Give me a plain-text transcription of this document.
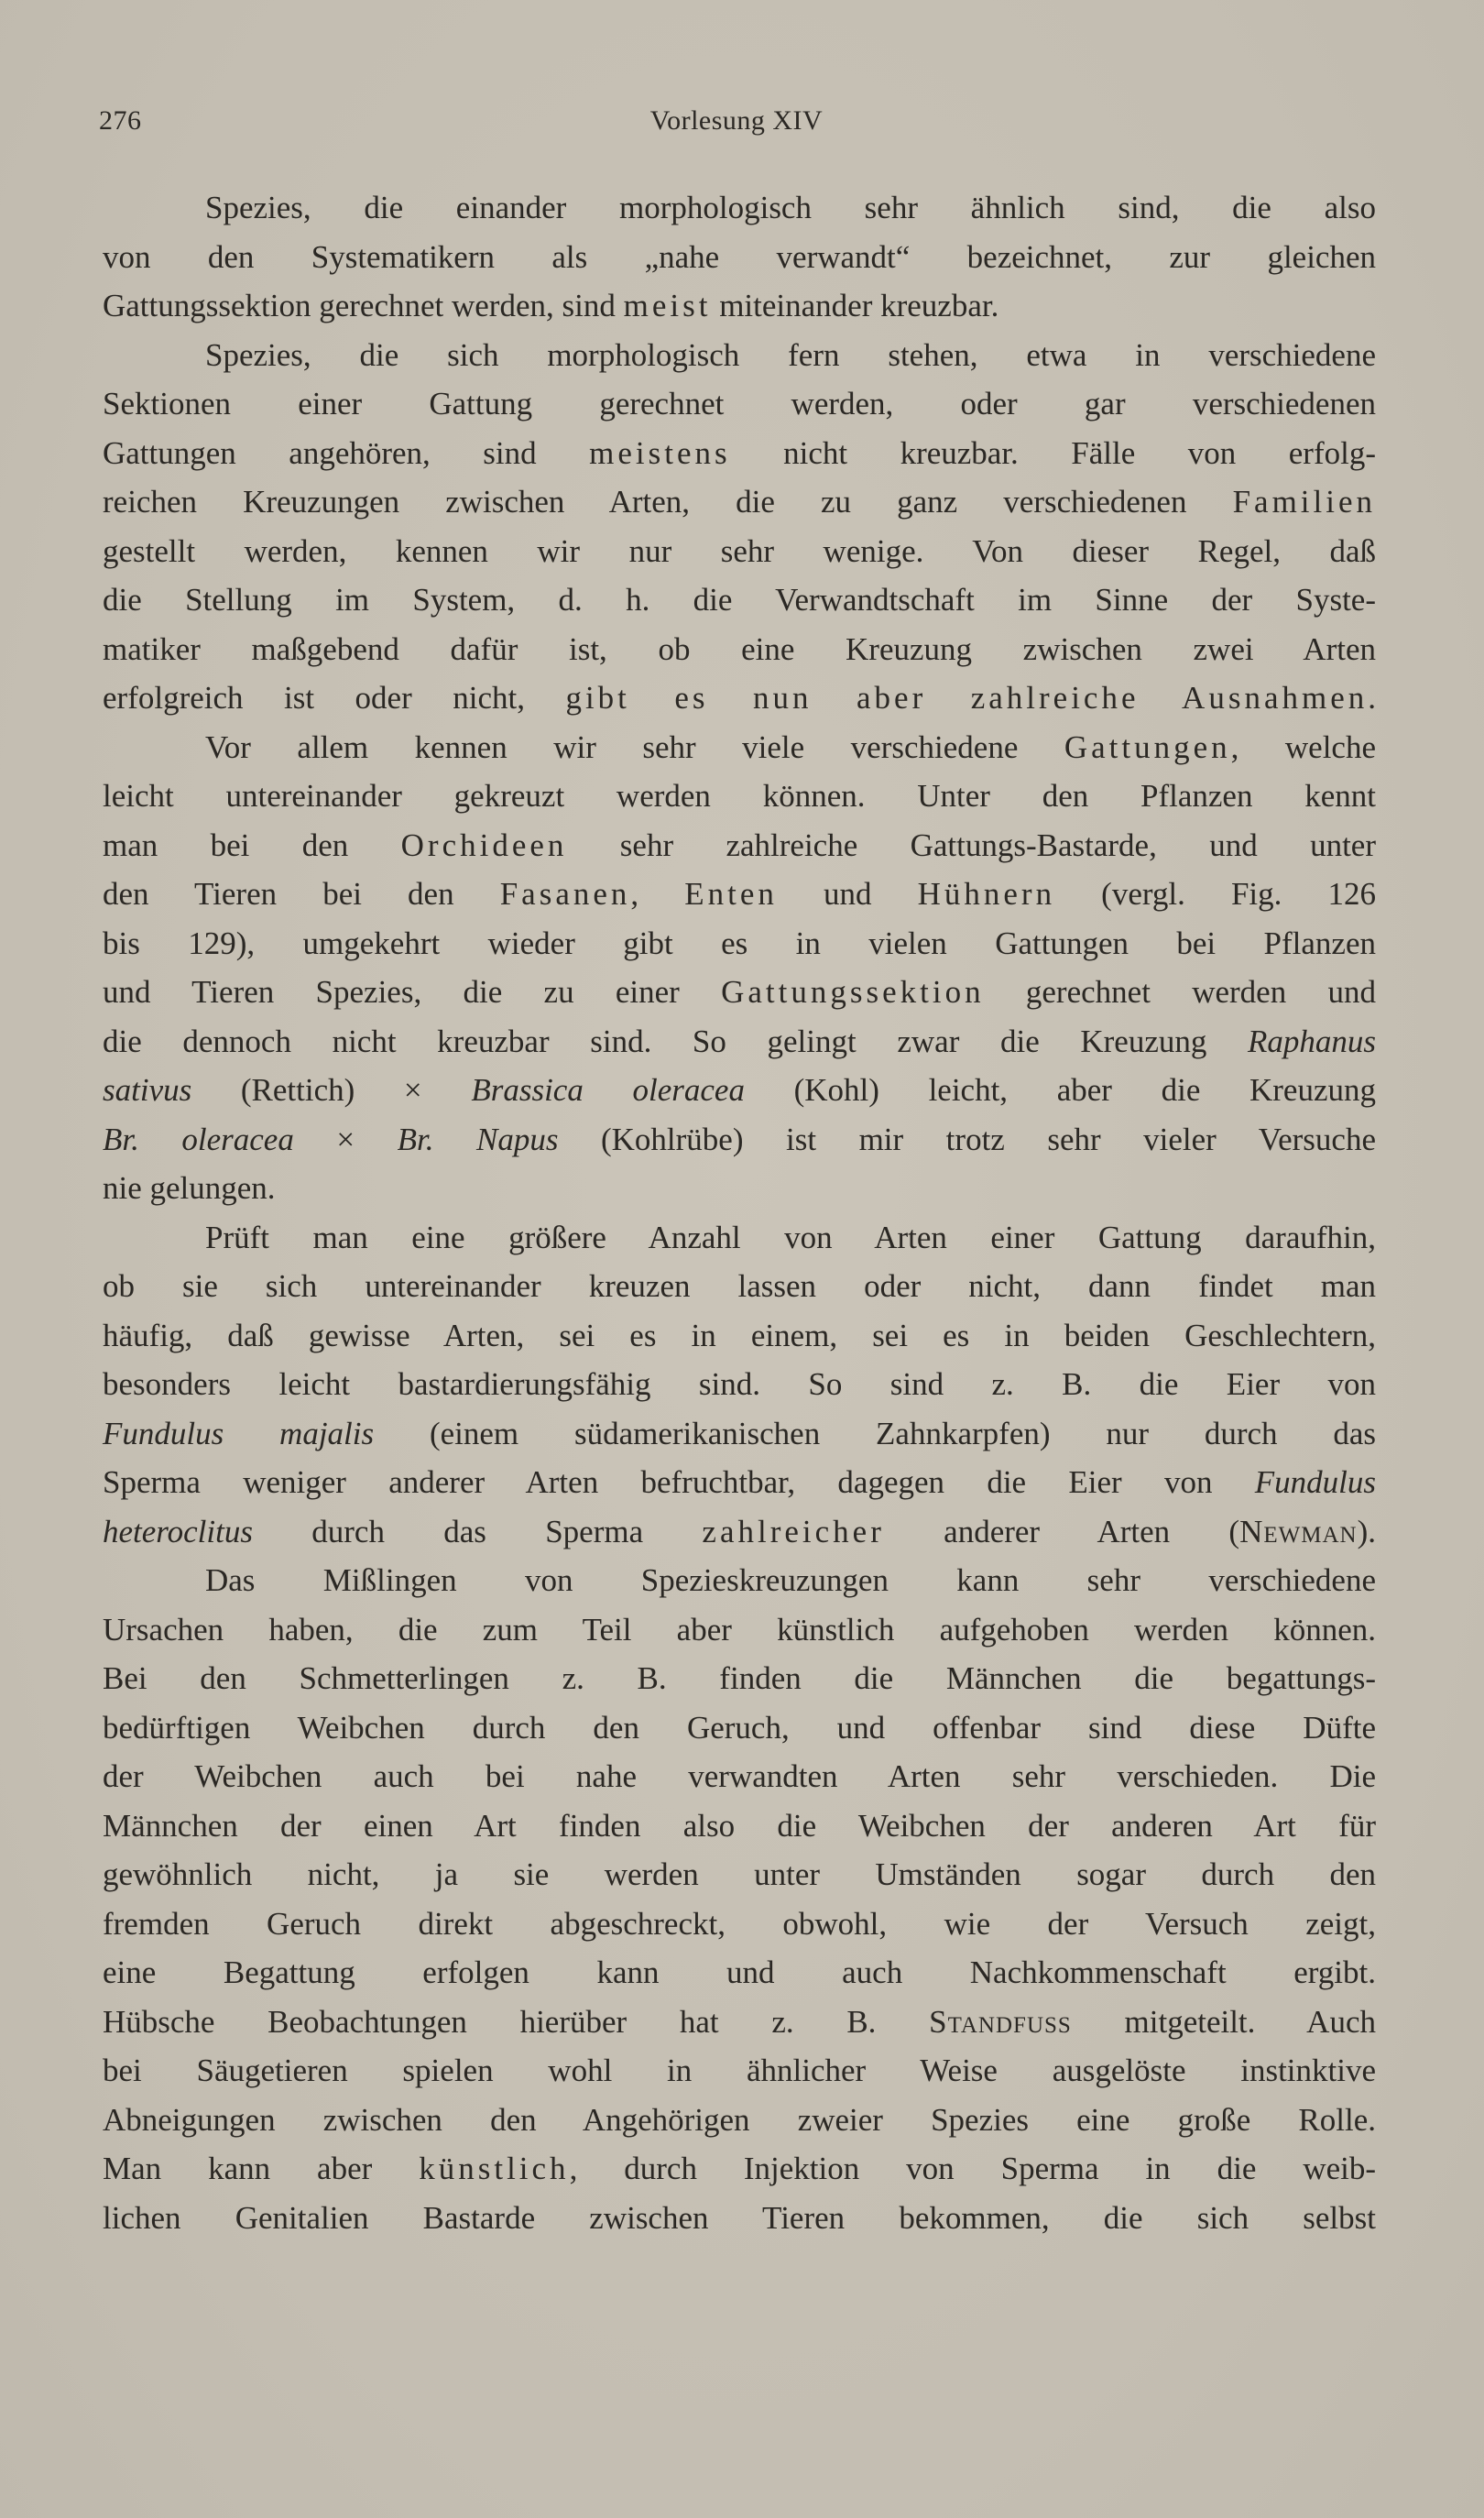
276	Vorlesung XIV
Spezies, die einander morphologisch sehr ähnlich sind, die also
von den Systematikern als „nahe verwandt“ bezeichnet, zur gleichen
Gattungssektion gerechnet werden, sind meist miteinander kreuzbar.
Spezies, die sich morphologisch fern stehen, etwa in verschiedene
Sektionen einer Gattung gerechnet werden, oder gar verschiedenen
Gattungen angehören, sind meistens nicht kreuzbar. Fälle von erfolg-
reichen Kreuzungen zwischen Arten, die zu ganz verschiedenen Familien
gestellt werden, kennen wir nur sehr wenige. Von dieser Regel, daß
die Stellung im System, d. h. die Verwandtschaft im Sinne der Syste-
matiker maßgebend dafür ist, ob eine Kreuzung zwischen zwei Arten
erfolgreich ist oder nicht, gibt es nun aber zahlreiche Ausnahmen.
Vor allem kennen wir sehr viele verschiedene Gattungen, welche
leicht untereinander gekreuzt werden können. Unter den Pflanzen kennt
man bei den Orchideen sehr zahlreiche Gattungs-Bastarde, und unter
den Tieren bei den Fasanen, Enten und Hühnern (vergl. Fig. 126
bis 129), umgekehrt wieder gibt es in vielen Gattungen bei Pflanzen
und Tieren Spezies, die zu einer Gattungssektion gerechnet werden und
die dennoch nicht kreuzbar sind. So gelingt zwar die Kreuzung Raphanus
sativus (Rettich) × Brassica oleracea (Kohl) leicht, aber die Kreuzung
Br. oleracea × Br. Napus (Kohlrübe) ist mir trotz sehr vieler Versuche
nie gelungen.
Prüft man eine größere Anzahl von Arten einer Gattung daraufhin,
ob sie sich untereinander kreuzen lassen oder nicht, dann findet man
häufig, daß gewisse Arten, sei es in einem, sei es in beiden Geschlechtern,
besonders leicht bastardierungsfähig sind. So sind z. B. die Eier von
Fundulus majalis (einem südamerikanischen Zahnkarpfen) nur durch das
Sperma weniger anderer Arten befruchtbar, dagegen die Eier von Fundulus
heteroclitus durch das Sperma zahlreicher anderer Arten (Newman).
Das Mißlingen von Spezieskreuzungen kann sehr verschiedene
Ursachen haben, die zum Teil aber künstlich aufgehoben werden können.
Bei den Schmetterlingen z. B. finden die Männchen die begattungs-
bedürftigen Weibchen durch den Geruch, und offenbar sind diese Düfte
der Weibchen auch bei nahe verwandten Arten sehr verschieden. Die
Männchen der einen Art finden also die Weibchen der anderen Art für
gewöhnlich nicht, ja sie werden unter Umständen sogar durch den
fremden Geruch direkt abgeschreckt, obwohl, wie der Versuch zeigt,
eine Begattung erfolgen kann und auch Nachkommenschaft ergibt.
Hübsche Beobachtungen hierüber hat z. B. Standfuss mitgeteilt. Auch
bei Säugetieren spielen wohl in ähnlicher Weise ausgelöste instinktive
Abneigungen zwischen den Angehörigen zweier Spezies eine große Rolle.
Man kann aber künstlich, durch Injektion von Sperma in die weib-
lichen Genitalien Bastarde zwischen Tieren bekommen, die sich selbst
